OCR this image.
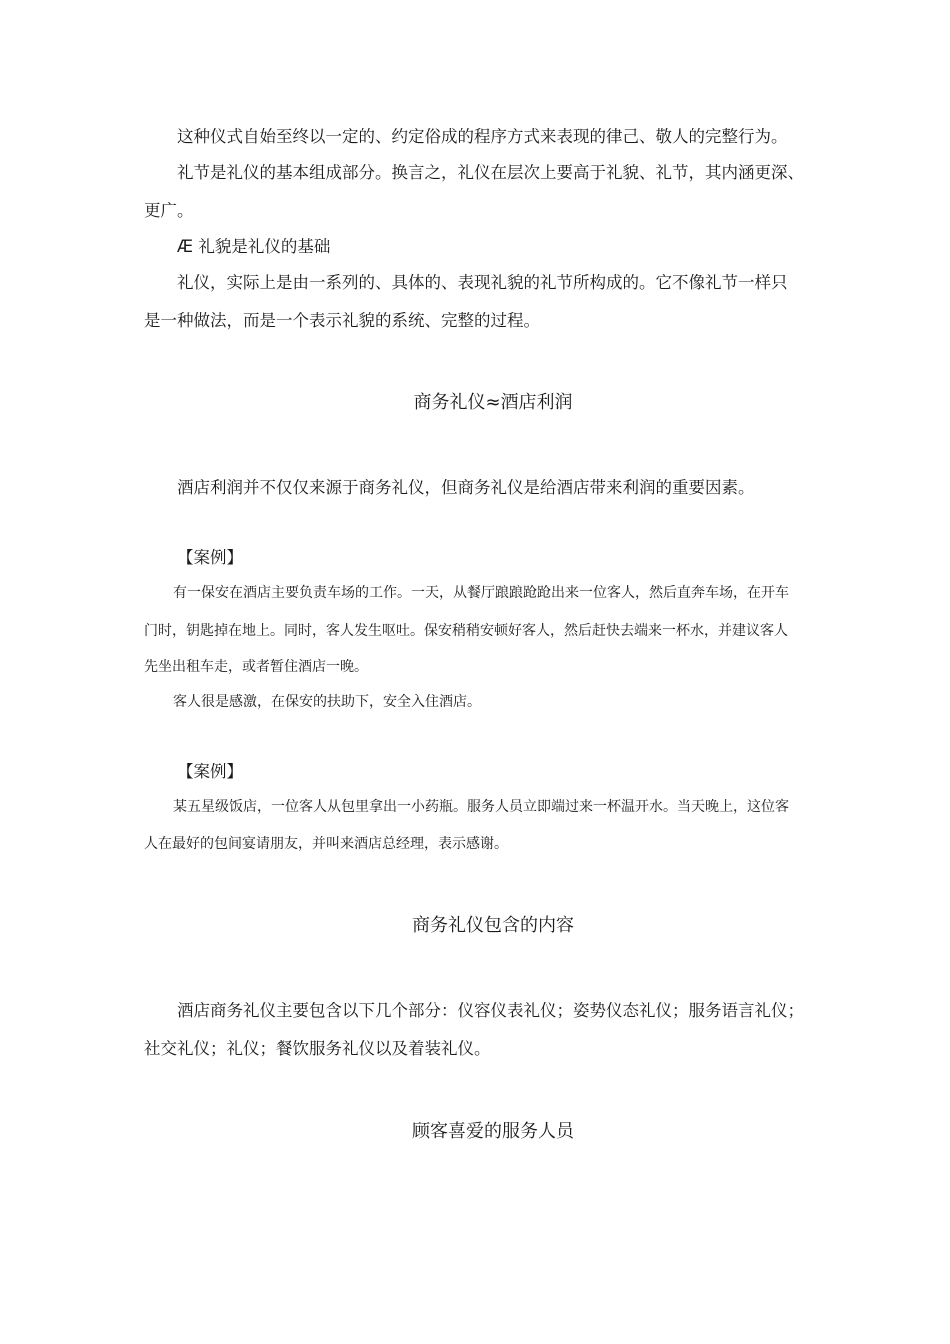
这种仪式自始至终以一定的、约定俗成的程序方式来表现的律己、敬人的完整行为。
礼节是礼仪的基本组成部分。换言之，礼仪在层次上要高于礼貌、礼节，其内涵更深、
更广。
Æ 礼貌是礼仪的基础
礼仪，实际上是由一系列的、具体的、表现礼貌的礼节所构成的。它不像礼节一样只
是一种做法，而是一个表示礼貌的系统、完整的过程。
商务礼仪≈酒店利润
酒店利润并不仅仅来源于商务礼仪，但商务礼仪是给酒店带来利润的重要因素。
【案例】
有一保安在酒店主要负责车场的工作。一天，从餐厅踉踉跄跄出来一位客人，然后直奔车场，在开车
门时，钥匙掉在地上。同时，客人发生呕吐。保安稍稍安顿好客人，然后赶快去端来一杯水，并建议客人
先坐出租车走，或者暂住酒店一晚。
客人很是感激，在保安的扶助下，安全入住酒店。
【案例】
某五星级饭店，一位客人从包里拿出一小药瓶。服务人员立即端过来一杯温开水。当天晚上，这位客
人在最好的包间宴请朋友，并叫来酒店总经理，表示感谢。
商务礼仪包含的内容
酒店商务礼仪主要包含以下几个部分：仪容仪表礼仪；姿势仪态礼仪；服务语言礼仪；
社交礼仪；礼仪；餐饮服务礼仪以及着装礼仪。
顾客喜爱的服务人员
